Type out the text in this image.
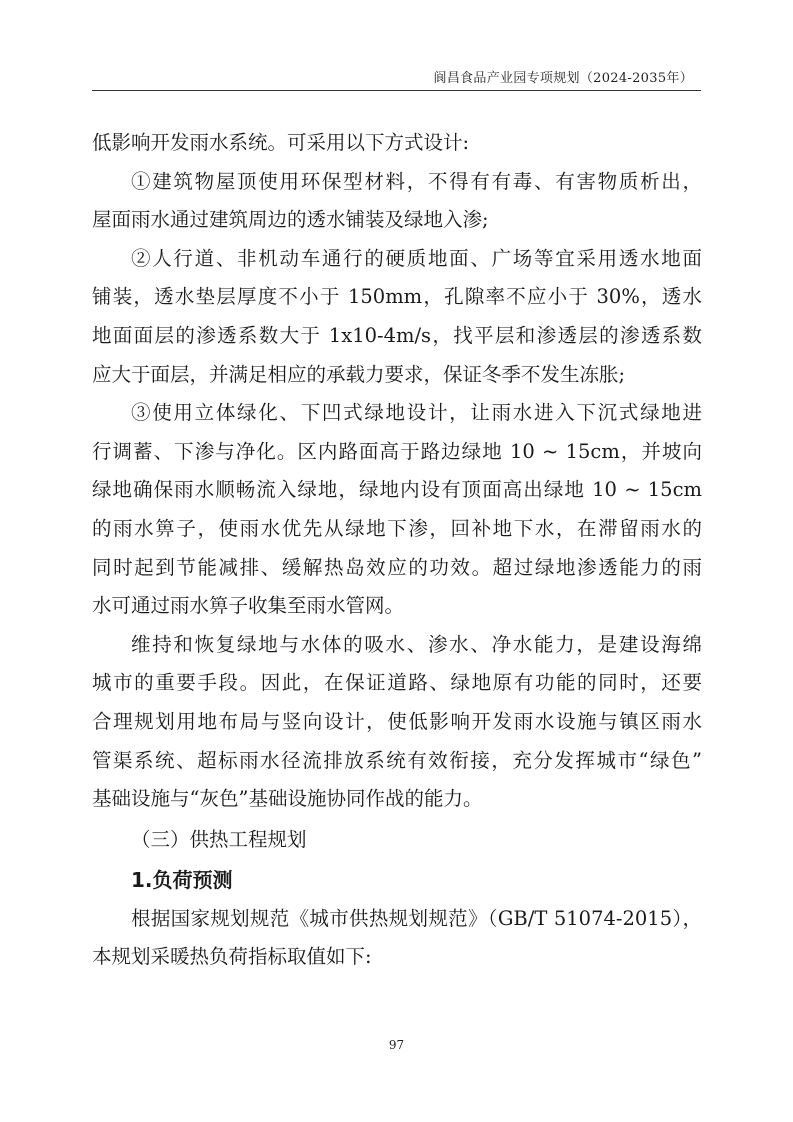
阆昌食品产业园专项规划（2024-2035年）
低影响开发雨水系统。可采用以下方式设计:
①建筑物屋顶使用环保型材料，不得有有毒、有害物质析出，
屋面雨水通过建筑周边的透水铺装及绿地入渗;
②人行道、非机动车通行的硬质地面、广场等宜采用透水地面
铺装，透水垫层厚度不小于 150mm，孔隙率不应小于 30%，透水
地面面层的渗透系数大于 1x10-4m/s，找平层和渗透层的渗透系数
应大于面层，并满足相应的承载力要求，保证冬季不发生冻胀;
③使用立体绿化、下凹式绿地设计，让雨水进入下沉式绿地进
行调蓄、下渗与净化。区内路面高于路边绿地 10 ~ 15cm，并坡向
绿地确保雨水顺畅流入绿地，绿地内设有顶面高出绿地 10 ~ 15cm
的雨水箅子，使雨水优先从绿地下渗，回补地下水，在滞留雨水的
同时起到节能减排、缓解热岛效应的功效。超过绿地渗透能力的雨
水可通过雨水箅子收集至雨水管网。
维持和恢复绿地与水体的吸水、渗水、净水能力，是建设海绵
城市的重要手段。因此，在保证道路、绿地原有功能的同时，还要
合理规划用地布局与竖向设计，使低影响开发雨水设施与镇区雨水
管渠系统、超标雨水径流排放系统有效衔接，充分发挥城市“绿色”
基础设施与“灰色”基础设施协同作战的能力。
（三）供热工程规划
1.负荷预测
根据国家规划规范《城市供热规划规范》（GB/T 51074-2015），
本规划采暖热负荷指标取值如下:
97
